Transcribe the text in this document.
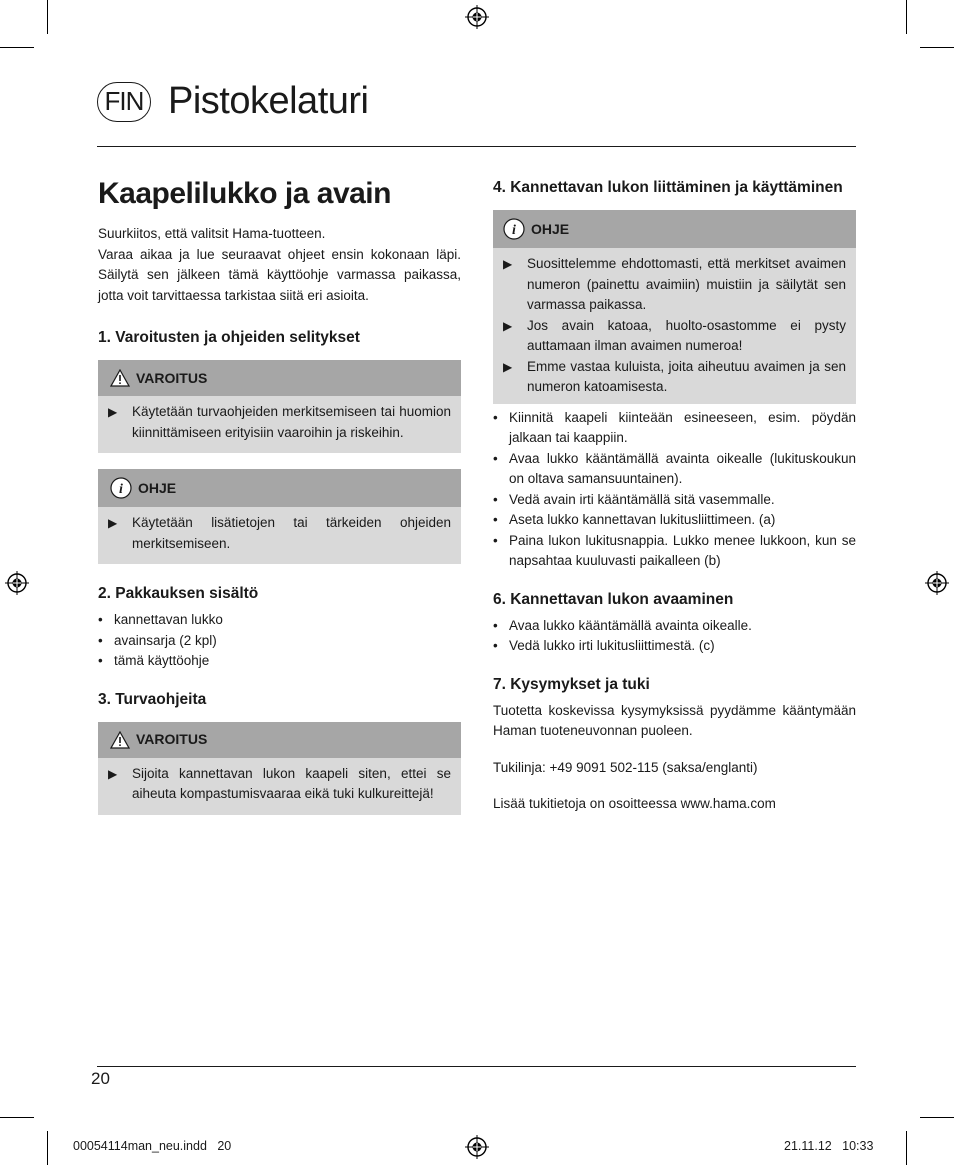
FIN Pistokelaturi
Kaapelilukko ja avain

Suurkiitos, että valitsit Hama-tuotteen.

Varaa aikaa ja lue seuraavat ohjeet ensin kokonaan läpi. Säilytä sen jälkeen tämä käyttöohje varmassa paikassa, jotta voit tarvittaessa tarkistaa siitä eri asioita.

1. Varoitusten ja ohjeiden selitykset
VAROITUS
▶	Käytetään turvaohjeiden merkitsemiseen tai huomion kiinnittämiseen erityisiin vaaroihin ja riskeihin.
i OHJE
▶	Käytetään lisätietojen tai tärkeiden ohjeiden merkitsemiseen.
2. Pakkauksen sisältö
• kannettavan lukko
• avainsarja (2 kpl)
• tämä käyttöohje
3. Turvaohjeita
VAROITUS
▶	Sijoita kannettavan lukon kaapeli siten, ettei se aiheuta kompastumisvaaraa eikä tuki kulkureittejä!
4. Kannettavan lukon liittäminen ja käyttäminen
i OHJE
▶	Suosittelemme ehdottomasti, että merkitset avaimen numeron (painettu avaimiin) muistiin ja säilytät sen varmassa paikassa.
▶	Jos avain katoaa, huolto-osastomme ei pysty auttamaan ilman avaimen numeroa!
▶	Emme vastaa kuluista, joita aiheutuu avaimen ja sen numeron katoamisesta.
• Kiinnitä kaapeli kiinteään esineeseen, esim. pöydän jalkaan tai kaappiin.
• Avaa lukko kääntämällä avainta oikealle (lukituskoukun on oltava samansuuntainen).
• Vedä avain irti kääntämällä sitä vasemmalle.
• Aseta lukko kannettavan lukitusliittimeen. (a)
• Paina lukon lukitusnappia. Lukko menee lukkoon, kun se napsahtaa kuuluvasti paikalleen (b)
6. Kannettavan lukon avaaminen
• Avaa lukko kääntämällä avainta oikealle.
• Vedä lukko irti lukitusliittimestä. (c)
7. Kysymykset ja tuki

Tuotetta koskevissa kysymyksissä pyydämme kääntymään Haman tuoteneuvonnan puoleen.

Tukilinja: +49 9091 502-115 (saksa/englanti)

Lisää tukitietoja on osoitteessa www.hama.com

20
00054114man_neu.indd   20	21.11.12   10:33
